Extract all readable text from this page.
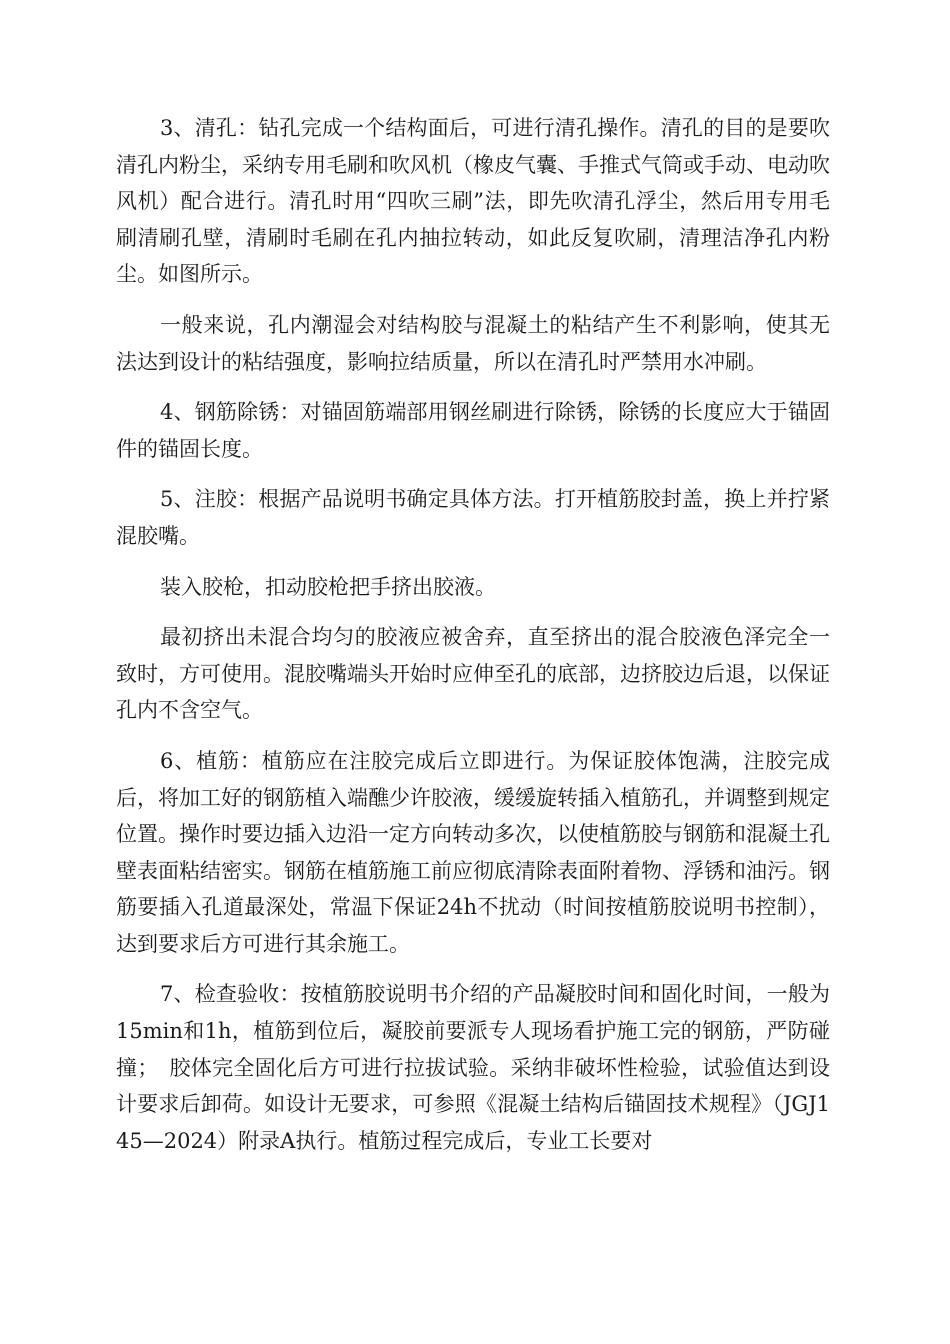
3、清孔：钻孔完成一个结构面后，可进行清孔操作。清孔的目的是要吹清孔内粉尘，采纳专用毛刷和吹风机（橡皮气囊、手推式气筒或手动、电动吹风机）配合进行。清孔时用“四吹三刷”法，即先吹清孔浮尘，然后用专用毛刷清刷孔壁，清刷时毛刷在孔内抽拉转动，如此反复吹刷，清理洁净孔内粉尘。如图所示。

一般来说，孔内潮湿会对结构胶与混凝土的粘结产生不利影响，使其无法达到设计的粘结强度，影响拉结质量，所以在清孔时严禁用水冲刷。

4、钢筋除锈：对锚固筋端部用钢丝刷进行除锈，除锈的长度应大于锚固件的锚固长度。

5、注胶：根据产品说明书确定具体方法。打开植筋胶封盖，换上并拧紧混胶嘴。

装入胶枪，扣动胶枪把手挤出胶液。

最初挤出未混合均匀的胶液应被舍弃，直至挤出的混合胶液色泽完全一致时，方可使用。混胶嘴端头开始时应伸至孔的底部，边挤胶边后退，以保证孔内不含空气。

6、植筋：植筋应在注胶完成后立即进行。为保证胶体饱满，注胶完成后，将加工好的钢筋植入端醮少许胶液，缓缓旋转插入植筋孔，并调整到规定位置。操作时要边插入边沿一定方向转动多次，以使植筋胶与钢筋和混凝土孔壁表面粘结密实。钢筋在植筋施工前应彻底清除表面附着物、浮锈和油污。钢筋要插入孔道最深处，常温下保证24h不扰动（时间按植筋胶说明书控制），达到要求后方可进行其余施工。

7、检查验收：按植筋胶说明书介绍的产品凝胶时间和固化时间，一般为15min和1h，植筋到位后，凝胶前要派专人现场看护施工完的钢筋，严防碰撞；　胶体完全固化后方可进行拉拔试验。采纳非破坏性检验，试验值达到设计要求后卸荷。如设计无要求，可参照《混凝土结构后锚固技术规程》（JGJ145—2024）附录A执行。植筋过程完成后，专业工长要对
